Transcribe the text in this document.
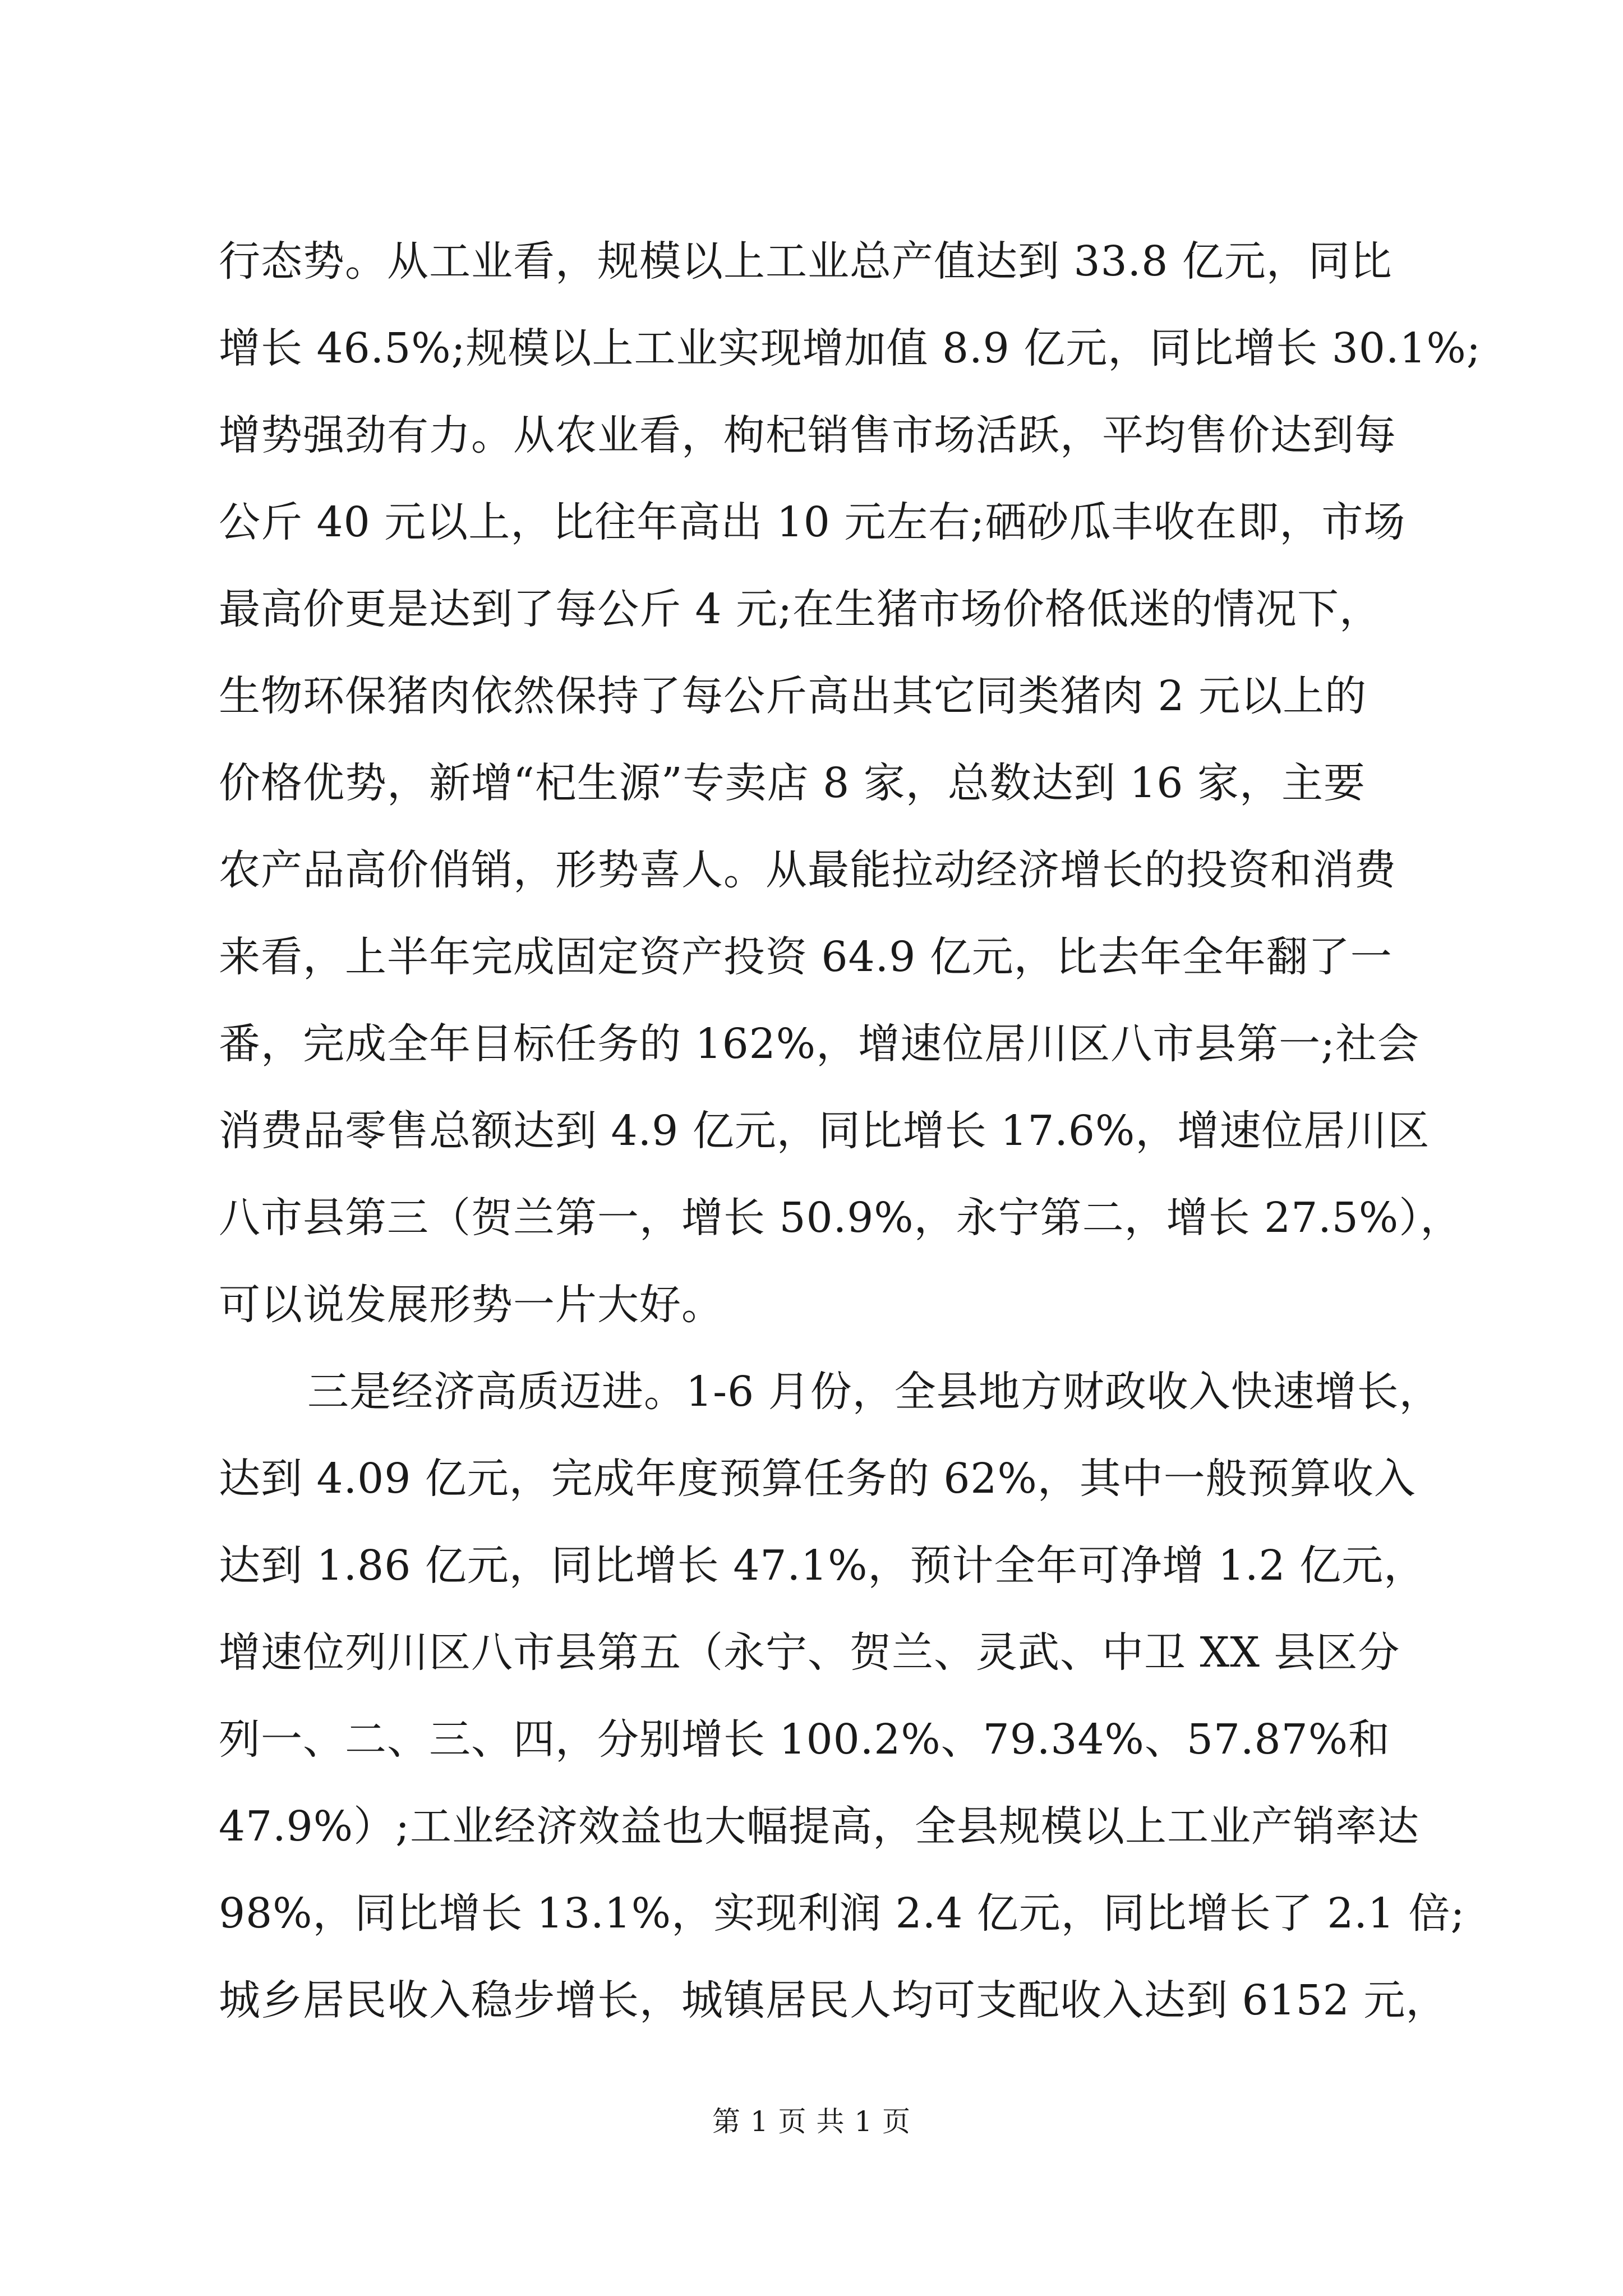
行态势。从工业看，规模以上工业总产值达到 33.8 亿元，同比
增长 46.5%;规模以上工业实现增加值 8.9 亿元，同比增长 30.1%;
增势强劲有力。从农业看，枸杞销售市场活跃，平均售价达到每
公斤 40 元以上，比往年高出 10 元左右;硒砂瓜丰收在即，市场
最高价更是达到了每公斤 4 元;在生猪市场价格低迷的情况下，
生物环保猪肉依然保持了每公斤高出其它同类猪肉 2 元以上的
价格优势，新增“杞生源”专卖店 8 家，总数达到 16 家，主要
农产品高价俏销，形势喜人。从最能拉动经济增长的投资和消费
来看，上半年完成固定资产投资 64.9 亿元，比去年全年翻了一
番，完成全年目标任务的 162%，增速位居川区八市县第一;社会
消费品零售总额达到 4.9 亿元，同比增长 17.6%，增速位居川区
八市县第三（贺兰第一，增长 50.9%，永宁第二，增长 27.5%），
可以说发展形势一片大好。
三是经济高质迈进。1-6 月份，全县地方财政收入快速增长，
达到 4.09 亿元，完成年度预算任务的 62%，其中一般预算收入
达到 1.86 亿元，同比增长 47.1%，预计全年可净增 1.2 亿元，
增速位列川区八市县第五（永宁、贺兰、灵武、中卫 XX 县区分
列一、二、三、四，分别增长 100.2%、79.34%、57.87%和
47.9%）;工业经济效益也大幅提高，全县规模以上工业产销率达
98%，同比增长 13.1%，实现利润 2.4 亿元，同比增长了 2.1 倍;
城乡居民收入稳步增长，城镇居民人均可支配收入达到 6152 元，
第 1 页 共 1 页
